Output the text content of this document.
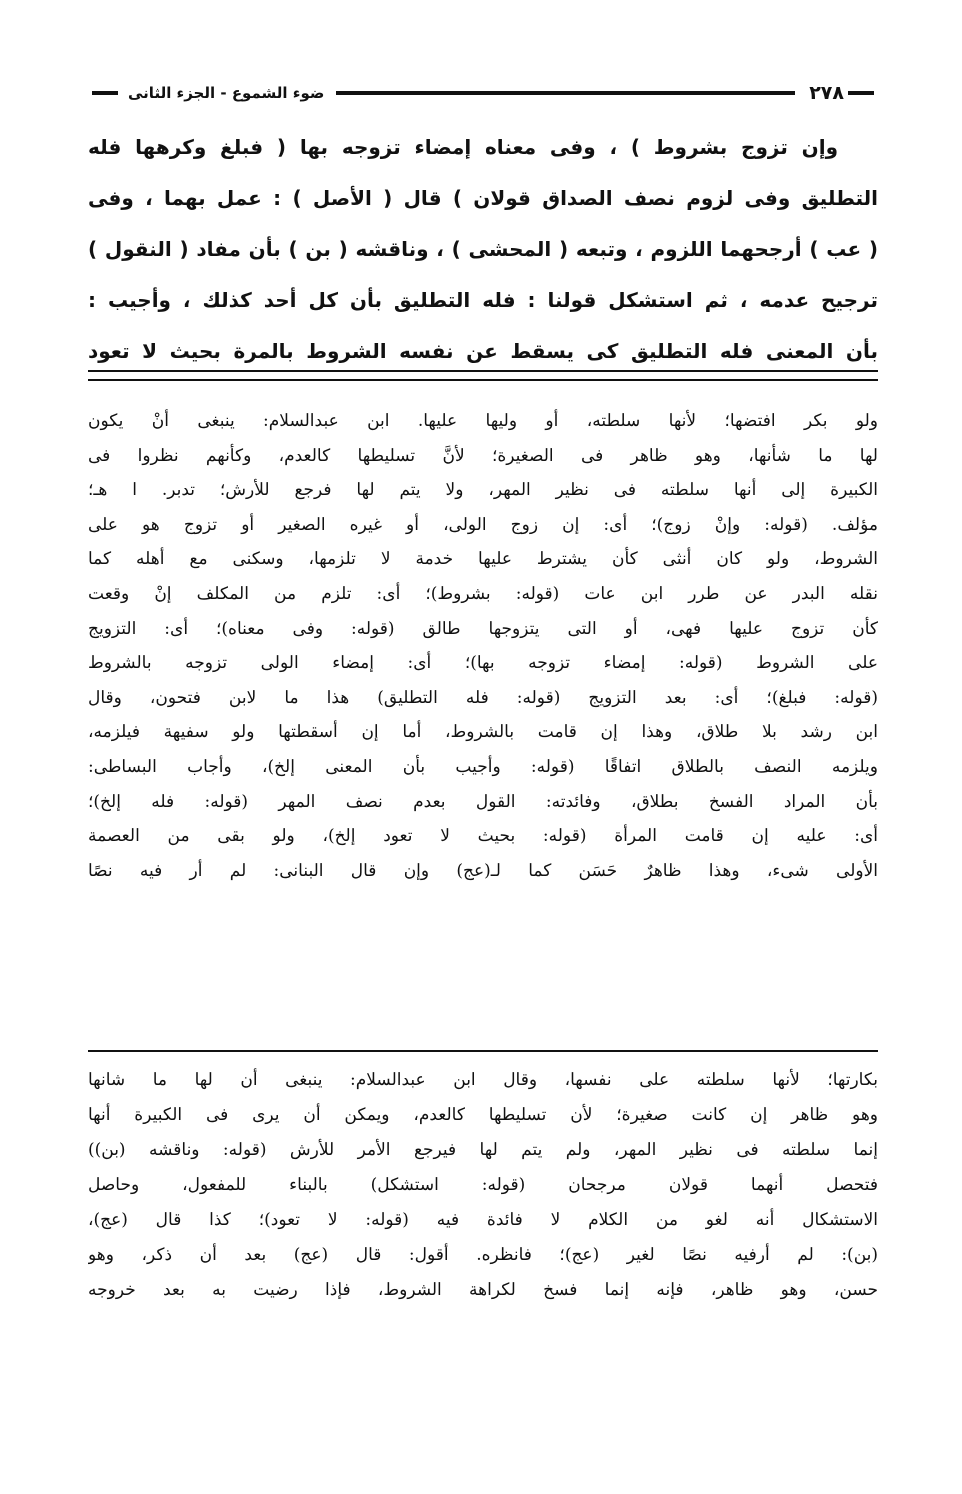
٢٧٨
ضوء الشموع - الجزء الثانى
وإن تزوج بشروط ) ، وفى معناه إمضاء تزوجه بها ( فبلغ وكرهها فله
التطليق وفى لزوم نصف الصداق قولان ) قال ( الأصل ) : عمل بهما ، وفى
( عب ) أرجحهما اللزوم ، وتبعه ( المحشى ) ، وناقشه ( بن ) بأن مفاد ( النقول )
ترجيح عدمه ، ثم استشكل قولنا : فله التطليق بأن كل أحد كذلك ، وأجيب :
بأن المعنى فله التطليق كى يسقط عن نفسه الشروط بالمرة بحيث لا تعود
ولو بكر افتضها؛ لأنها سلطته، أو وليها عليها. ابن عبدالسلام: ينبغى أنْ يكون
لها ما شأنها، وهو ظاهر فى الصغيرة؛ لأنَّ تسليطها كالعدم، وكأنهم نظروا فى
الكبيرة إلى أنها سلطته فى نظير المهر، ولا يتم لها فرجع للأرش؛ تدبر. ا هـ؛
مؤلف. (قوله: وإنْ زوج)؛ أى: إن زوج الولى، أو غيره الصغير أو تزوج هو على
الشروط، ولو كان أنثى كأن يشترط عليها خدمة لا تلزمها، وسكنى مع أهله كما
نقله البدر عن طرر ابن عات (قوله: بشروط)؛ أى: تلزم من المكلف إنْ وقعت
كأن تزوج عليها فهى، أو التى يتزوجها طالق (قوله: وفى معناه)؛ أى: التزويج
على الشروط (قوله: إمضاء تزوجه بها)؛ أى: إمضاء الولى تزوجه بالشروط
(قوله: فبلغ)؛ أى: بعد التزويج (قوله: فله التطليق) هذا ما لابن فتحون، وقال
ابن رشد بلا طلاق، وهذا إن قامت بالشروط، أما إن أسقطتها ولو سفيهة فيلزمه،
ويلزمه النصف بالطلاق اتفاقًا (قوله: وأجيب بأن المعنى إلخ)، وأجاب البساطى:
بأن المراد الفسخ بطلاق، وفائدته: القول بعدم نصف المهر (قوله: فله إلخ)؛
أى: عليه إن قامت المرأة (قوله: بحيث لا تعود إلخ)، ولو بقى من العصمة
الأولى شىء، وهذا ظاهرٌ حَسَن كما لـ(عج) وإن قال البنانى: لم أر فيه نصًا
بكارتها؛ لأنها سلطته على نفسها، وقال ابن عبدالسلام: ينبغى أن لها ما شانها
وهو ظاهر إن كانت صغيرة؛ لأن تسليطها كالعدم، ويمكن أن يرى فى الكبيرة أنها
إنما سلطته فى نظير المهر، ولم يتم لها فيرجع الأمر للأرش (قوله: وناقشه (بن))
فتحصل أنهما قولان مرجحان (قوله: استشكل) بالبناء للمفعول، وحاصل
الاستشكال أنه لغو من الكلام لا فائدة فيه (قوله: لا تعود)؛ كذا قال (عج)،
(بن): لم أرفيه نصًا لغير (عج)؛ فانظره. أقول: قال (عج) بعد أن ذكر، وهو
حسن، وهو ظاهر، فإنه إنما فسخ لكراهة الشروط، فإذا رضيت به بعد خروجه
